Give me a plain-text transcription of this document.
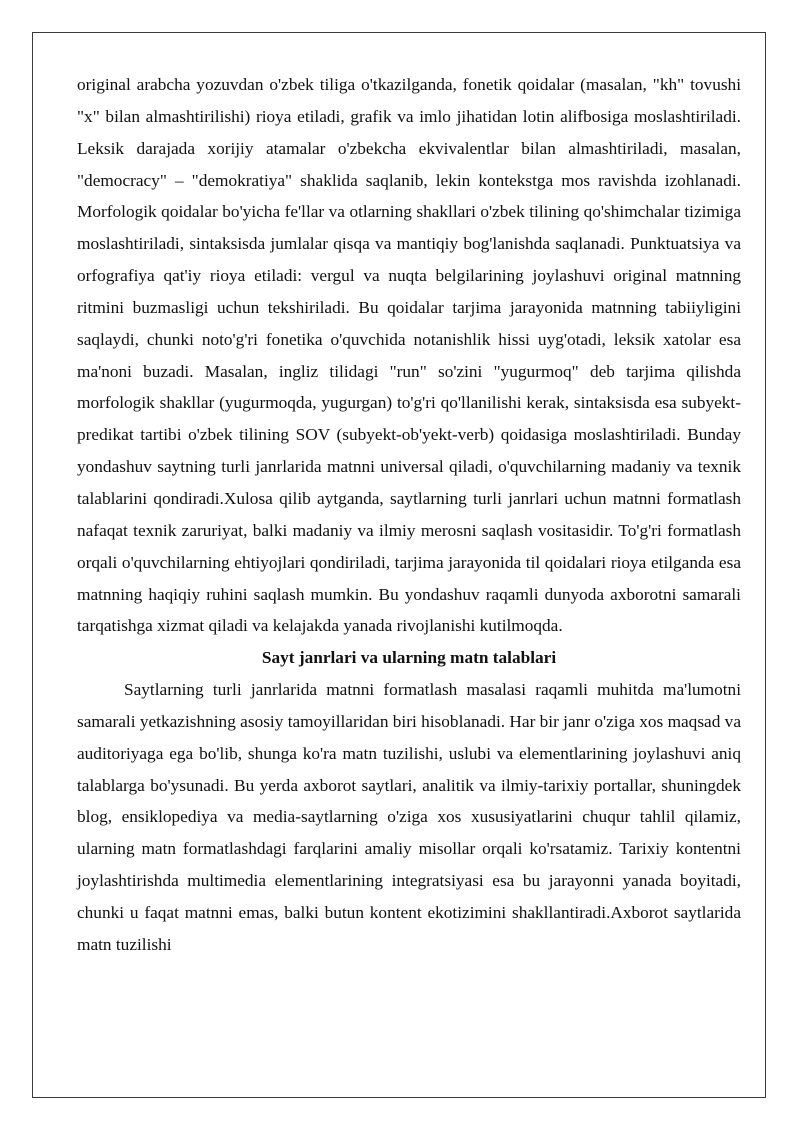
original arabcha yozuvdan o'zbek tiliga o'tkazilganda, fonetik qoidalar (masalan, "kh" tovushi "x" bilan almashtirilishi) rioya etiladi, grafik va imlo jihatidan lotin alifbosiga moslashtiriladi. Leksik darajada xorijiy atamalar o'zbekcha ekvivalentlar bilan almashtiriladi, masalan, "democracy" – "demokratiya" shaklida saqlanib, lekin kontekstga mos ravishda izohlanadi. Morfologik qoidalar bo'yicha fe'llar va otlarning shakllari o'zbek tilining qo'shimchalar tizimiga moslashtiriladi, sintaksisda jumlalar qisqa va mantiqiy bog'lanishda saqlanadi. Punktuatsiya va orfografiya qat'iy rioya etiladi: vergul va nuqta belgilarining joylashuvi original matnning ritmini buzmasligi uchun tekshiriladi. Bu qoidalar tarjima jarayonida matnning tabiiyligini saqlaydi, chunki noto'g'ri fonetika o'quvchida notanishlik hissi uyg'otadi, leksik xatolar esa ma'noni buzadi. Masalan, ingliz tilidagi "run" so'zini "yugurmoq" deb tarjima qilishda morfologik shakllar (yugurmoqda, yugurgan) to'g'ri qo'llanilishi kerak, sintaksisda esa subyekt-predikat tartibi o'zbek tilining SOV (subyekt-ob'yekt-verb) qoidasiga moslashtiriladi. Bunday yondashuv saytning turli janrlarida matnni universal qiladi, o'quvchilarning madaniy va texnik talablarini qondiradi.Xulosa qilib aytganda, saytlarning turli janrlari uchun matnni formatlash nafaqat texnik zaruriyat, balki madaniy va ilmiy merosni saqlash vositasidir. To'g'ri formatlash orqali o'quvchilarning ehtiyojlari qondiriladi, tarjima jarayonida til qoidalari rioya etilganda esa matnning haqiqiy ruhini saqlash mumkin. Bu yondashuv raqamli dunyoda axborotni samarali tarqatishga xizmat qiladi va kelajakda yanada rivojlanishi kutilmoqda.

Sayt janrlari va ularning matn talablari

Saytlarning turli janrlarida matnni formatlash masalasi raqamli muhitda ma'lumotni samarali yetkazishning asosiy tamoyillaridan biri hisoblanadi. Har bir janr o'ziga xos maqsad va auditoriyaga ega bo'lib, shunga ko'ra matn tuzilishi, uslubi va elementlarining joylashuvi aniq talablarga bo'ysunadi. Bu yerda axborot saytlari, analitik va ilmiy-tarixiy portallar, shuningdek blog, ensiklopediya va media-saytlarning o'ziga xos xususiyatlarini chuqur tahlil qilamiz, ularning matn formatlashdagi farqlarini amaliy misollar orqali ko'rsatamiz. Tarixiy kontentni joylashtirishda multimedia elementlarining integratsiyasi esa bu jarayonni yanada boyitadi, chunki u faqat matnni emas, balki butun kontent ekotizimini shakllantiradi.Axborot saytlarida matn tuzilishi
